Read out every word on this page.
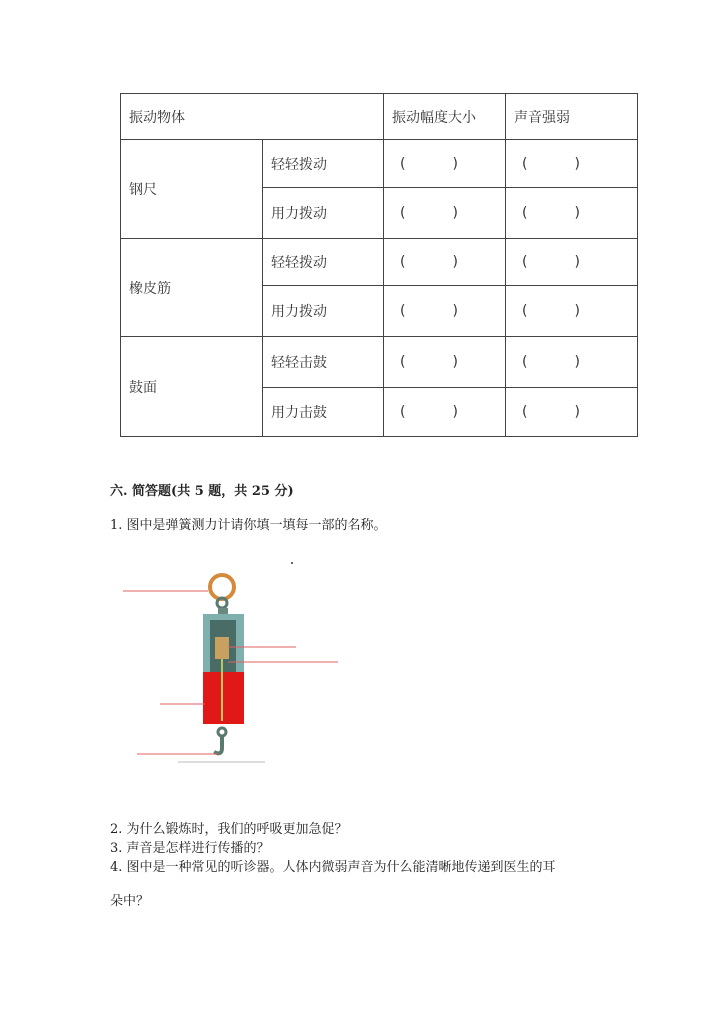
振动物体		振动幅度大小	声音强弱
钢尺	轻轻拨动	( )	( )

	用力拨动	( )	( )

橡皮筋	轻轻拨动	( )	( )

	用力拨动	( )	( )

鼓面	轻轻击鼓	( )	( )

	用力击鼓	( )	( )
六. 简答题(共 5 题，共 25 分)
1. 图中是弹簧测力计请你填一填每一部的名称。
2. 为什么锻炼时，我们的呼吸更加急促？
3. 声音是怎样进行传播的？
4. 图中是一种常见的听诊器。人体内微弱声音为什么能清晰地传递到医生的耳
朵中？
